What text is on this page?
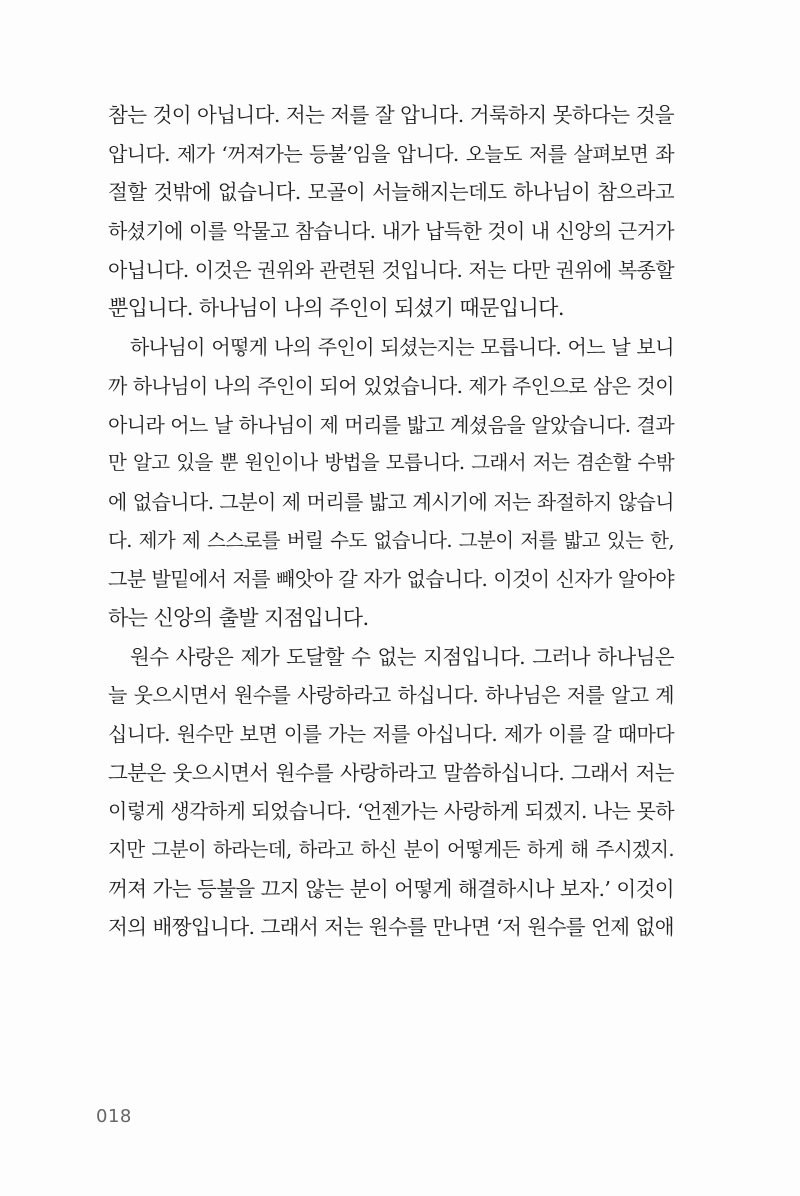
참는 것이 아닙니다. 저는 저를 잘 압니다. 거룩하지 못하다는 것을
압니다. 제가 ‘꺼져가는 등불’임을 압니다. 오늘도 저를 살펴보면 좌
절할 것밖에 없습니다. 모골이 서늘해지는데도 하나님이 참으라고
하셨기에 이를 악물고 참습니다. 내가 납득한 것이 내 신앙의 근거가
아닙니다. 이것은 권위와 관련된 것입니다. 저는 다만 권위에 복종할
뿐입니다. 하나님이 나의 주인이 되셨기 때문입니다.
하나님이 어떻게 나의 주인이 되셨는지는 모릅니다. 어느 날 보니
까 하나님이 나의 주인이 되어 있었습니다. 제가 주인으로 삼은 것이
아니라 어느 날 하나님이 제 머리를 밟고 계셨음을 알았습니다. 결과
만 알고 있을 뿐 원인이나 방법을 모릅니다. 그래서 저는 겸손할 수밖
에 없습니다. 그분이 제 머리를 밟고 계시기에 저는 좌절하지 않습니
다. 제가 제 스스로를 버릴 수도 없습니다. 그분이 저를 밟고 있는 한,
그분 발밑에서 저를 빼앗아 갈 자가 없습니다. 이것이 신자가 알아야
하는 신앙의 출발 지점입니다.
원수 사랑은 제가 도달할 수 없는 지점입니다. 그러나 하나님은
늘 웃으시면서 원수를 사랑하라고 하십니다. 하나님은 저를 알고 계
십니다. 원수만 보면 이를 가는 저를 아십니다. 제가 이를 갈 때마다
그분은 웃으시면서 원수를 사랑하라고 말씀하십니다. 그래서 저는
이렇게 생각하게 되었습니다. ‘언젠가는 사랑하게 되겠지. 나는 못하
지만 그분이 하라는데, 하라고 하신 분이 어떻게든 하게 해 주시겠지.
꺼져 가는 등불을 끄지 않는 분이 어떻게 해결하시나 보자.’ 이것이
저의 배짱입니다. 그래서 저는 원수를 만나면 ‘저 원수를 언제 없애
018
